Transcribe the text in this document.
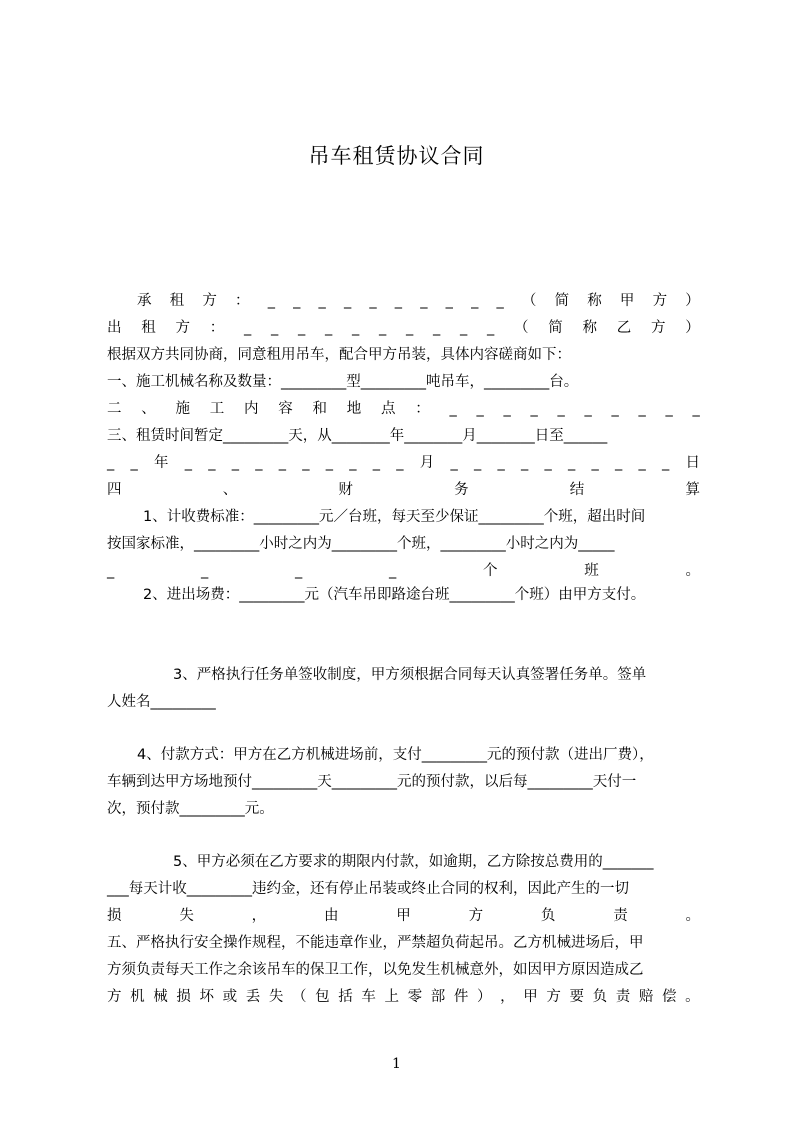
吊车租赁协议合同
承 租 方 ： _ _ _ _ _ _ _ _ _ _ （ 简 称 甲 方 ）
出 租 方 ： _ _ _ _ _ _ _ _ _ _ （ 简 称 乙 方 ）
根据双方共同协商，同意租用吊车，配合甲方吊装，具体内容磋商如下：
一、施工机械名称及数量：_________型_________吨吊车，_________台。
二 、 施 工 内 容 和 地 点 ： _ _ _ _ _ _ _ _ _ _
三、租赁时间暂定_________天，从________年________月________日至______
_ _ 年 _ _ _ _ _ _ _ _ _ _ 月 _ _ _ _ _ _ _ _ _ _ 日
四	、	财	务	结	算
1、计收费标准：_________元／台班，每天至少保证_________个班，超出时间
按国家标准，_________小时之内为_________个班，_________小时之内为_____
_	_	_	_	个	班	。
2、进出场费：_________元（汽车吊即路途台班_________个班）由甲方支付。
3、严格执行任务单签收制度，甲方须根据合同每天认真签署任务单。签单
人姓名_________
4、付款方式：甲方在乙方机械进场前，支付_________元的预付款（进出厂费），
车辆到达甲方场地预付_________天_________元的预付款，以后每_________天付一
次，预付款_________元。
5、甲方必须在乙方要求的期限内付款，如逾期，乙方除按总费用的_______
___每天计收_________违约金，还有停止吊装或终止合同的权利，因此产生的一切
损	失	，	由	甲	方	负	责	。
五、严格执行安全操作规程，不能违章作业，严禁超负荷起吊。乙方机械进场后，甲
方须负责每天工作之余该吊车的保卫工作，以免发生机械意外，如因甲方原因造成乙
方 机 械 损 坏 或 丢 失 （ 包 括 车 上 零 部 件 ） ， 甲 方 要 负 责 赔 偿 。
1
